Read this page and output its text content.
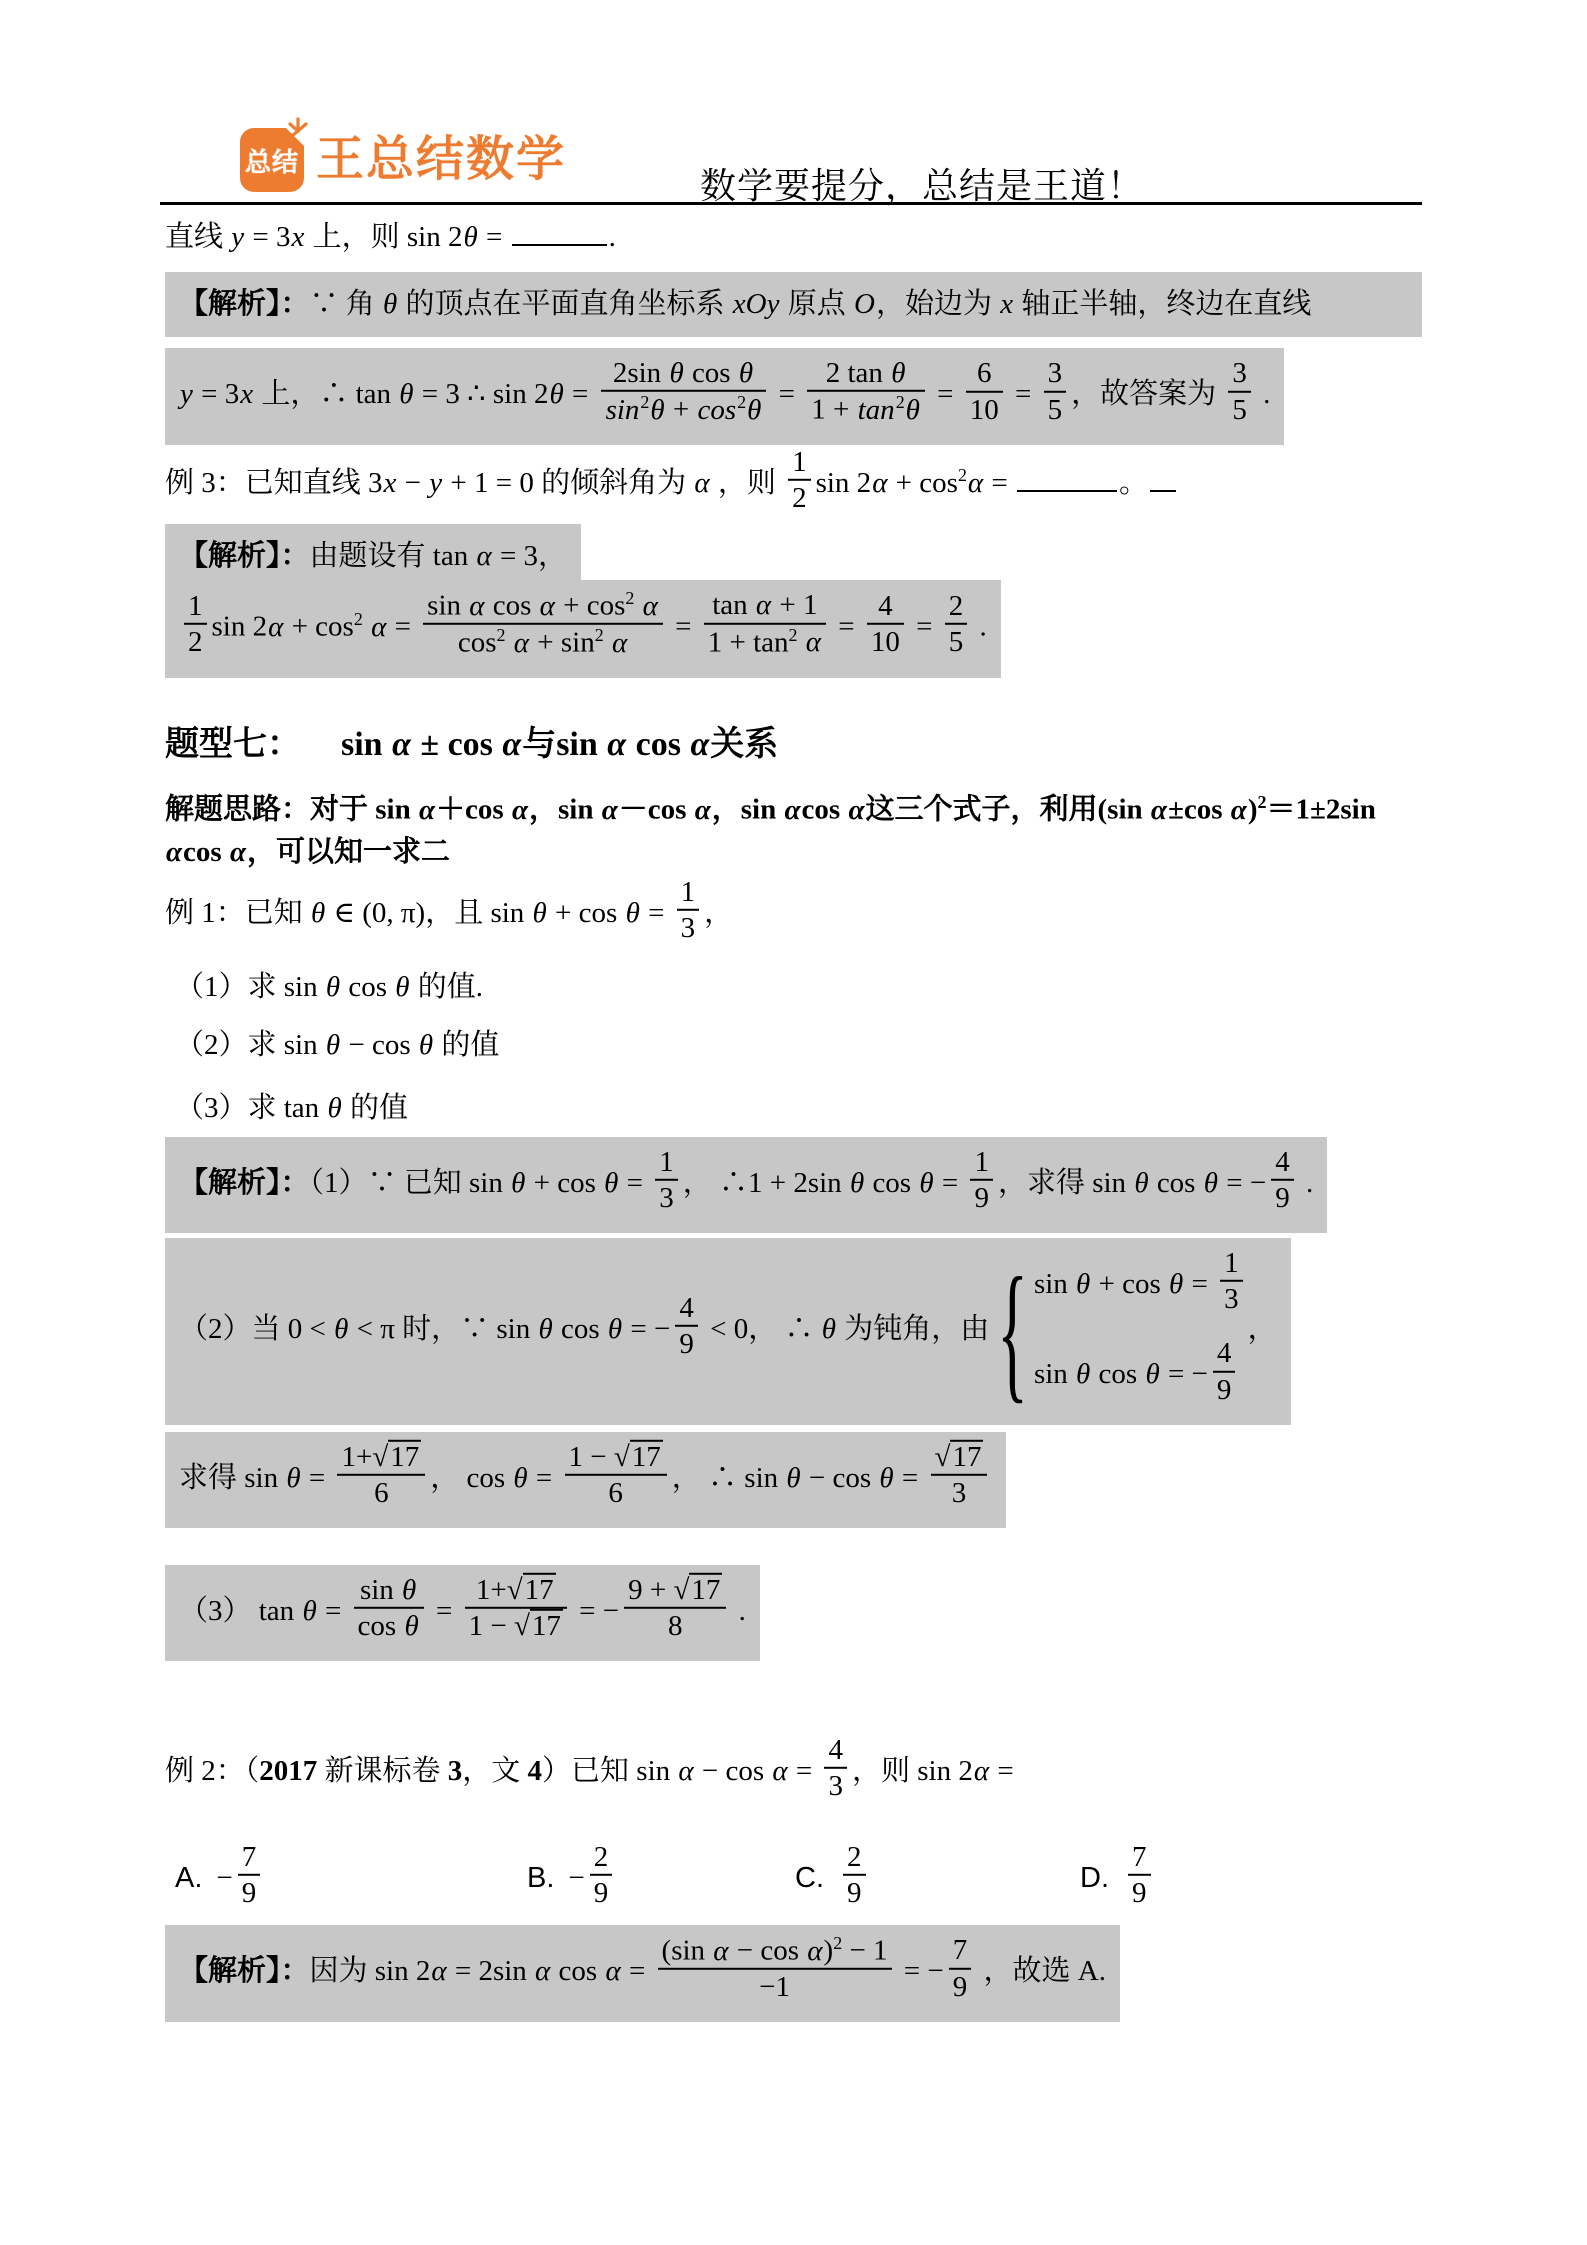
总结 王总结数学	数学要提分，总结是王道！
直线 y = 3x 上，则 sin 2θ =	.
【解析】：∵ 角 θ 的顶点在平面直角坐标系 xOy 原点 O，始边为 x 轴正半轴，终边在直线
y = 3x 上，∴ tan θ = 3 ∴ $\sin 2\theta = \frac{\text{2sin θ cos θ}}{\sin^2\theta + \cos^2\theta} = \frac{\text{2 tan θ}}{1 + \tan^2\theta} = \frac{6}{10} = \frac{3}{5}$ ，故答案为 $\frac{3}{5}$ .
例 3：已知直线 3x − y + 1 = 0 的倾斜角为 α ，则 $\frac{1}{2}$ $\sin 2\alpha + \cos^2\alpha$ =	。
【解析】：由题设有 tan α = 3，
$\frac{1}{2}$ $\sin 2\alpha + \cos^2 \alpha = \frac{\sin \alpha \cos \alpha + \cos^2 \alpha}{\cos^2 \alpha + \sin^2 \alpha} = \frac{\text{tan α + 1}}{1 + \tan^2 \alpha} = \frac{4}{10} = \frac{2}{5}$ .
题型七： sin α ± cos α与sin α cos α关系
解题思路：对于 sin α＋cos α，sin α－cos α，sin αcos α这三个式子，利用(sin α±cos α)$^2$＝1±2sin
αcos α，可以知一求二
例 1：已知 θ ∈ (0, π)，且 $\sin \theta + \cos \theta = \frac{1}{3}$ ，
（1）求 sin θ cos θ 的值.
（2）求 sin θ − cos θ 的值
（3）求 tan θ 的值
【解析】：（1）∵ 已知 $\sin \theta + \cos \theta = \frac{1}{3}$ ， ∴1 + 2sin θ $\cos \theta = \frac{1}{9}$ ，求得 sin θ cos θ = − $\frac{4}{9}$ .
（2）当 0 < θ < π 时，∵ sin θ cos θ = − $\frac{4}{9} < 0$， ∴ θ 为钝角，由 { $\sin \theta + \cos \theta = \frac{1}{3}$
sin θ cos θ = − $\frac{4}{9}$
，
求得 $\sin \theta = \frac{1+√17}{6}$ ， $\cos \theta = \frac{1 - √17}{6}$ ， ∴ $\sin \theta - \cos \theta = \frac{√17}{3}$
（3） $\tan \theta = \frac{\text{sin θ}}{\text{cos θ}} = \frac{1+√17}{1 - √17}$ = − $\frac{9 + √17}{8}$ .
例 2：（2017 新课标卷 3，文 4）已知 $\sin \alpha - \cos \alpha = \frac{4}{3}$ ，则 sin 2α =
A. − $\frac{7}{9}$	B. − $\frac{2}{9}$	C. $\frac{2}{9}$	D. $\frac{7}{9}$
【解析】：因为 sin 2α = 2sin α $\cos \alpha = \frac{(\sin \alpha - \cos \alpha)^2 - 1}{-1}$ = − $\frac{7}{9}$ ，故选 A.
